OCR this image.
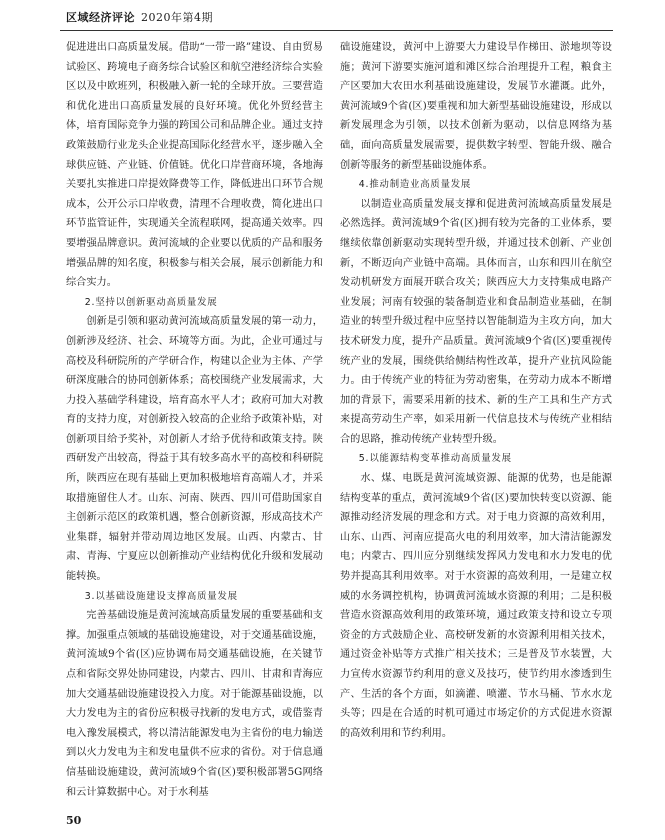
区域经济评论 2020年第4期

促进进出口高质量发展。借助“一带一路”建设、自由贸易试验区、跨境电子商务综合试验区和航空港经济综合实验区以及中欧班列，积极融入新一轮的全球开放。三要营造和优化进出口高质量发展的良好环境。优化外贸经营主体，培育国际竞争力强的跨国公司和品牌企业。通过支持政策鼓励行业龙头企业提高国际化经营水平，逐步融入全球供应链、产业链、价值链。优化口岸营商环境，各地海关要扎实推进口岸提效降费等工作，降低进出口环节合规成本，公开公示口岸收费，清理不合理收费，简化进出口环节监管证件，实现通关全流程联网，提高通关效率。四要增强品牌意识。黄河流域的企业要以优质的产品和服务增强品牌的知名度，积极参与相关会展，展示创新能力和综合实力。

2.坚持以创新驱动高质量发展

创新是引领和驱动黄河流域高质量发展的第一动力，创新涉及经济、社会、环境等方面。为此，企业可通过与高校及科研院所的产学研合作，构建以企业为主体、产学研深度融合的协同创新体系；高校围绕产业发展需求，大力投入基础学科建设，培育高水平人才；政府可加大对教育的支持力度，对创新投入较高的企业给予政策补贴，对创新项目给予奖补，对创新人才给予优待和政策支持。陕西研发产出较高，得益于其有较多高水平的高校和科研院所，陕西应在现有基础上更加积极地培育高端人才，并采取措施留住人才。山东、河南、陕西、四川可借助国家自主创新示范区的政策机遇，整合创新资源，形成高技术产业集群，辐射并带动周边地区发展。山西、内蒙古、甘肃、青海、宁夏应以创新推动产业结构优化升级和发展动能转换。

3.以基础设施建设支撑高质量发展

完善基础设施是黄河流域高质量发展的重要基础和支撑。加强重点领域的基础设施建设，对于交通基础设施，黄河流域9个省(区)应协调布局交通基础设施，在关键节点和省际交界处协同建设，内蒙古、四川、甘肃和青海应加大交通基础设施建设投入力度。对于能源基础设施，以大力发电为主的省份应积极寻找新的发电方式，或借鉴青电入豫发展模式，将以清洁能源发电为主省份的电力输送到以火力发电为主和发电量供不应求的省份。对于信息通信基础设施建设，黄河流域9个省(区)要积极部署5G网络和云计算数据中心。对于水利基

础设施建设，黄河中上游要大力建设旱作梯田、淤地坝等设施；黄河下游要实施河道和滩区综合治理提升工程，粮食主产区要加大农田水利基础设施建设，发展节水灌溉。此外，黄河流域9个省(区)要重视和加大新型基础设施建设，形成以新发展理念为引领，以技术创新为驱动，以信息网络为基础，面向高质量发展需要，提供数字转型、智能升级、融合创新等服务的新型基础设施体系。

4.推动制造业高质量发展

以制造业高质量发展支撑和促进黄河流域高质量发展是必然选择。黄河流域9个省(区)拥有较为完备的工业体系，要继续依靠创新驱动实现转型升级，并通过技术创新、产业创新，不断迈向产业链中高端。具体而言，山东和四川在航空发动机研发方面展开联合攻关；陕西应大力支持集成电路产业发展；河南有较强的装备制造业和食品制造业基础，在制造业的转型升级过程中应坚持以智能制造为主攻方向，加大技术研发力度，提升产品质量。黄河流域9个省(区)要重视传统产业的发展，围绕供给侧结构性改革，提升产业抗风险能力。由于传统产业的特征为劳动密集，在劳动力成本不断增加的背景下，需要采用新的技术、新的生产工具和生产方式来提高劳动生产率，如采用新一代信息技术与传统产业相结合的思路，推动传统产业转型升级。

5.以能源结构变革推动高质量发展

水、煤、电既是黄河流域资源、能源的优势，也是能源结构变革的重点，黄河流域9个省(区)要加快转变以资源、能源推动经济发展的理念和方式。对于电力资源的高效利用，山东、山西、河南应提高火电的利用效率，加大清洁能源发电；内蒙古、四川应分别继续发挥风力发电和水力发电的优势并提高其利用效率。对于水资源的高效利用，一是建立权威的水务调控机构，协调黄河流域水资源的利用；二是积极营造水资源高效利用的政策环境，通过政策支持和设立专项资金的方式鼓励企业、高校研发新的水资源利用相关技术，通过资金补贴等方式推广相关技术；三是普及节水装置，大力宣传水资源节约利用的意义及技巧，使节约用水渗透到生产、生活的各个方面，如滴灌、喷灌、节水马桶、节水水龙头等；四是在合适的时机可通过市场定价的方式促进水资源的高效利用和节约利用。

50
